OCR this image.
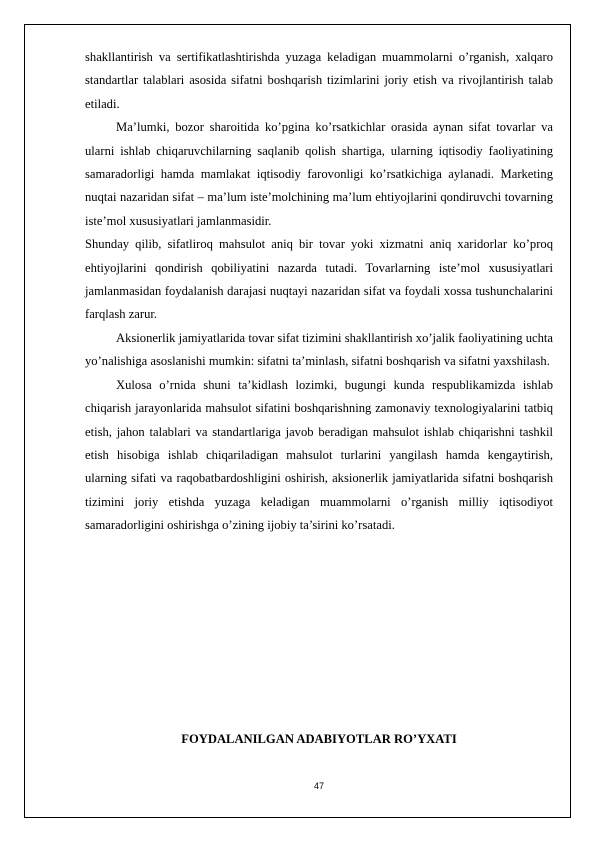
shakllantirish va sertifikatlashtirishda yuzaga keladigan muammolarni o’rganish, xalqaro standartlar talablari asosida sifatni boshqarish tizimlarini joriy etish va rivojlantirish talab etiladi.

Ma’lumki, bozor sharoitida ko’pgina ko’rsatkichlar orasida aynan sifat tovarlar va ularni ishlab chiqaruvchilarning saqlanib qolish shartiga, ularning iqtisodiy faoliyatining samaradorligi hamda mamlakat iqtisodiy farovonligi ko’rsatkichiga aylanadi. Marketing nuqtai nazaridan sifat – ma’lum iste’molchining ma’lum ehtiyojlarini qondiruvchi tovarning iste’mol xususiyatlari jamlanmasidir.

Shunday qilib, sifatliroq mahsulot aniq bir tovar yoki xizmatni aniq xaridorlar ko’proq ehtiyojlarini qondirish qobiliyatini nazarda tutadi. Tovarlarning iste’mol xususiyatlari jamlanmasidan foydalanish darajasi nuqtayi nazaridan sifat va foydali xossa tushunchalarini farqlash zarur.

Aksionerlik jamiyatlarida tovar sifat tizimini shakllantirish xo’jalik faoliyatining uchta yo’nalishiga asoslanishi mumkin: sifatni ta’minlash, sifatni boshqarish va sifatni yaxshilash.

Xulosa o’rnida shuni ta’kidlash lozimki, bugungi kunda respublikamizda ishlab chiqarish jarayonlarida mahsulot sifatini boshqarishning zamonaviy texnologiyalarini tatbiq etish, jahon talablari va standartlariga javob beradigan mahsulot ishlab chiqarishni tashkil etish hisobiga ishlab chiqariladigan mahsulot turlarini yangilash hamda kengaytirish, ularning sifati va raqobatbardoshligini oshirish, aksionerlik jamiyatlarida sifatni boshqarish tizimini joriy etishda yuzaga keladigan muammolarni o’rganish milliy iqtisodiyot samaradorligini oshirishga o’zining ijobiy ta’sirini ko’rsatadi.

FOYDALANILGAN ADABIYOTLAR RO’YXATI

47
